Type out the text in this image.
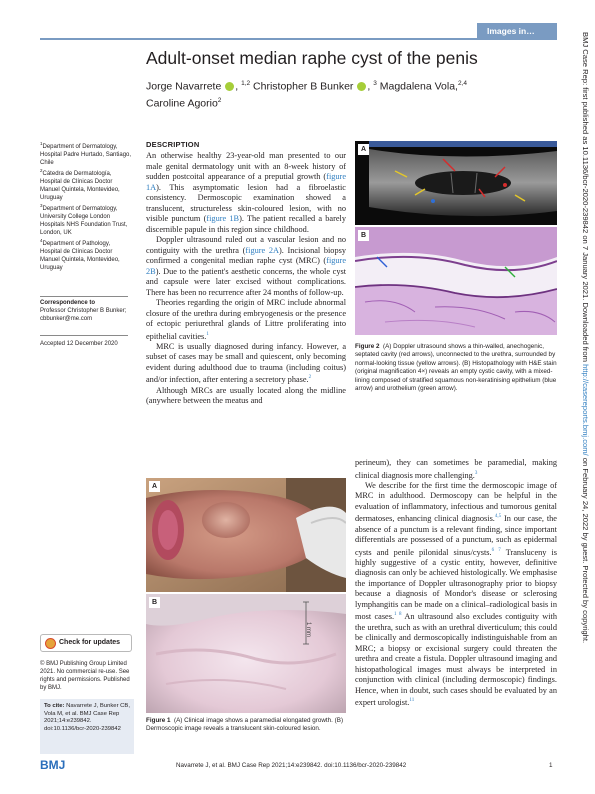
Images in…
Adult-onset median raphe cyst of the penis
Jorge Navarrete , $^{1,2}$ Christopher B Bunker , $^3$ Magdalena Vola,$^{2,4}$
Caroline Agorio$^2$

$^1$Department of Dermatology, Hospital Padre Hurtado, Santiago, Chile

$^2$Cátedra de Dermatología, Hospital de Clínicas Doctor Manuel Quintela, Montevideo, Uruguay

$^3$Department of Dermatology, University College London Hospitals NHS Foundation Trust, London, UK

$^4$Department of Pathology, Hospital de Clínicas Doctor Manuel Quintela, Montevideo, Uruguay

Correspondence to

Professor Christopher B Bunker; cbbunker@me.com

Accepted 12 December 2020
Check for updates
© BMJ Publishing Group Limited 2021. No commercial re-use. See rights and permissions. Published by BMJ.
To cite: Navarrete J, Bunker CB, Vola M, et al. BMJ Case Rep 2021;14:e239842. doi:10.1136/bcr-2020-239842
BMJ
DESCRIPTION

An otherwise healthy 23-year-old man presented to our male genital dermatology unit with an 8-week history of sudden postcoital appearance of a preputial growth (figure 1A). This asymptomatic lesion had a fibroelastic consistency. Dermoscopic examination showed a translucent, structureless skin-coloured lesion, with no visible punctum (figure 1B). The patient recalled a barely discernible papule in this region since childhood.

Doppler ultrasound ruled out a vascular lesion and no contiguity with the urethra (figure 2A). Incisional biopsy confirmed a congenital median raphe cyst (MRC) (figure 2B). Due to the patient's aesthetic concerns, the whole cyst and capsule were later excised without complications. There has been no recurrence after 24 months of follow-up.

Theories regarding the origin of MRC include abnormal closure of the urethra during embryogenesis or the presence of ectopic periurethral glands of Littre proliferating into epithelial cavities.$^1$

MRC is usually diagnosed during infancy. However, a subset of cases may be small and quiescent, only becoming evident during adulthood due to trauma (including coitus) and/or infection, after entering a secretory phase.$^2$

Although MRCs are usually located along the midline (anywhere between the meatus and

A
B
1 mm
Figure 1 (A) Clinical image shows a paramedial elongated growth. (B) Dermoscopic image reveals a translucent skin-coloured lesion.
A
B
Figure 2 (A) Doppler ultrasound shows a thin-walled, anechogenic, septated cavity (red arrows), unconnected to the urethra, surrounded by normal-looking tissue (yellow arrows). (B) Histopathology with H&E stain (original magnification 4×) reveals an empty cystic cavity, with a mixed-lining composed of stratified squamous non-keratinising epithelium (blue arrow) and urothelium (green arrow).

perineum), they can sometimes be paramedial, making clinical diagnosis more challenging.$^3$

We describe for the first time the dermoscopic image of MRC in adulthood. Dermoscopy can be helpful in the evaluation of inflammatory, infectious and tumorous genital dermatoses, enhancing clinical diagnosis.$^{4,5}$ In our case, the absence of a punctum is a relevant finding, since important differentials are possessed of a punctum, such as epidermal cysts and penile pilonidal sinus/cysts.$^{6 7}$ Transluceny is highly suggestive of a cystic entity, however, definitive diagnosis can only be achieved histologically. We emphasise the importance of Doppler ultrasonography prior to biopsy because a diagnosis of Mondor's disease or sclerosing lymphangitis can be made on a clinical–radiological basis in most cases.$^{1 8}$ An ultrasound also excludes contiguity with the urethra, such as with an urethral diverticulum; this could be clinically and dermoscopically indistinguishable from an MRC; a biopsy or excisional surgery could threaten the urethra and create a fistula. Doppler ultrasound imaging and histopathological images must always be interpreted in conjunction with clinical (including dermoscopic) findings. Hence, when in doubt, such cases should be evaluated by an expert urologist.$^{11}$

BMJ Case Rep: first published as 10.1136/bcr-2020-239842 on 7 January 2021. Downloaded from http://casereports.bmj.com/ on February 24, 2022 by guest. Protected by copyright.
Navarrete J, et al. BMJ Case Rep 2021;14:e239842. doi:10.1136/bcr-2020-239842	1
